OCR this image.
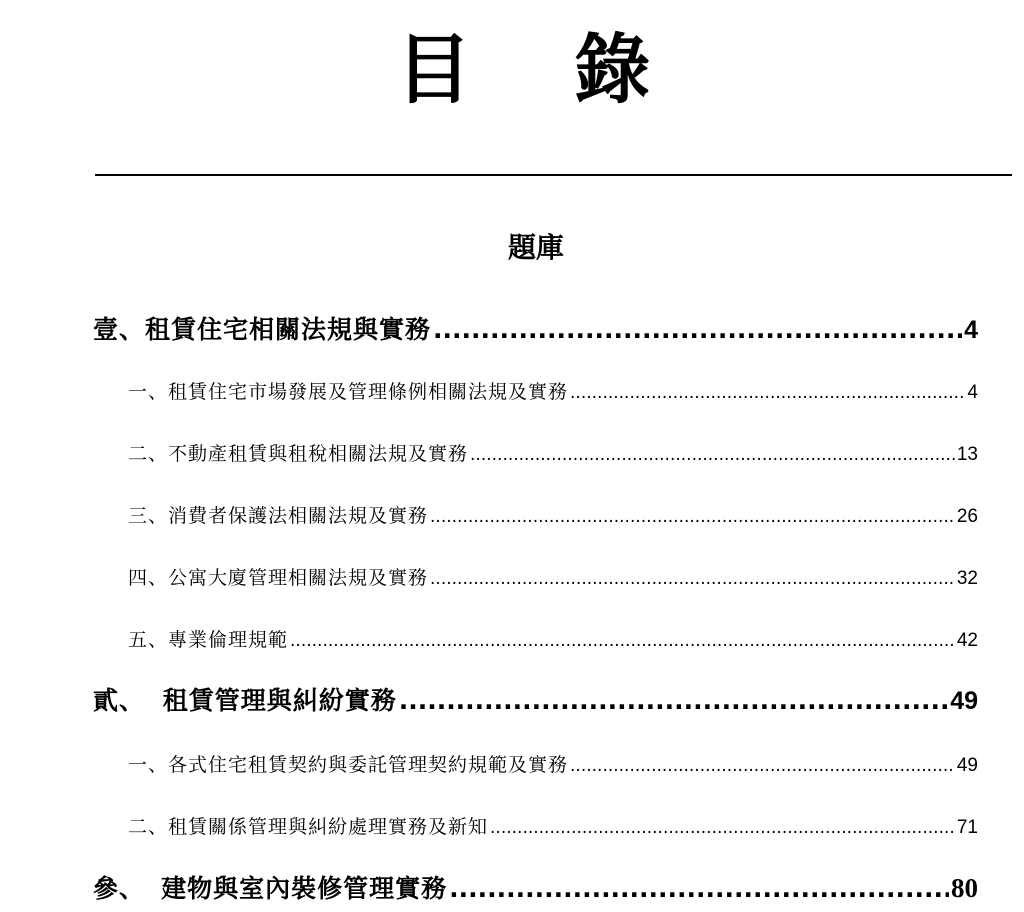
目 錄
題庫
壹、租賃住宅相關法規與實務 .....	4
一、租賃住宅市場發展及管理條例相關法規及實務 .....	4
二、不動產租賃與租稅相關法規及實務 .....	13
三、消費者保護法相關法規及實務 .....	26
四、公寓大廈管理相關法規及實務 .....	32
五、專業倫理規範 .....	42
貳、 租賃管理與糾紛實務 .....	49
一、各式住宅租賃契約與委託管理契約規範及實務 .....	49
二、租賃關係管理與糾紛處理實務及新知 .....	71
參、 建物與室內裝修管理實務 .....	80
